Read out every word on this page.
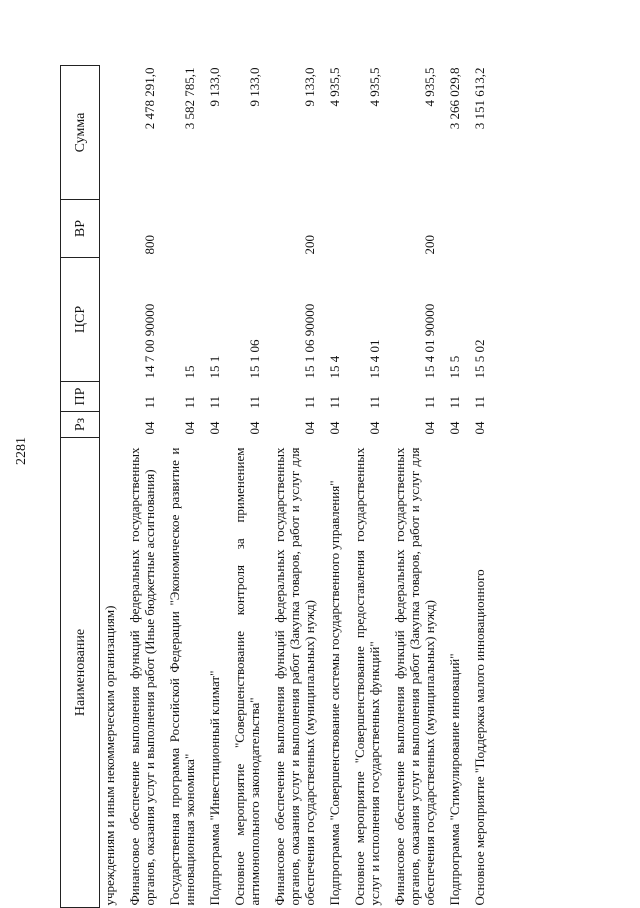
2281
Наименование	Рз	ПР	ЦСР	ВР	Сумма
учреждениям и иным некоммерческим организациям)					
Финансовое обеспечение выполнения функций федеральных государственных органов, оказания услуг и выполнения работ (Иные бюджетные ассигнования)	04	11	14 7 00 90000	800	2 478 291,0
Государственная программа Российской Федерации "Экономическое развитие и инновационная экономика"	04	11	15		3 582 785,1
Подпрограмма "Инвестиционный климат"	04	11	15 1		9 133,0
Основное мероприятие "Совершенствование контроля за применением антимонопольного законодательства"	04	11	15 1 06		9 133,0
Финансовое обеспечение выполнения функций федеральных государственных органов, оказания услуг и выполнения работ (Закупка товаров, работ и услуг для обеспечения государственных (муниципальных) нужд)	04	11	15 1 06 90000	200	9 133,0
Подпрограмма "Совершенствование системы государственного управления"	04	11	15 4		4 935,5
Основное мероприятие "Совершенствование предоставления государственных услуг и исполнения государственных функций"	04	11	15 4 01		4 935,5
Финансовое обеспечение выполнения функций федеральных государственных органов, оказания услуг и выполнения работ (Закупка товаров, работ и услуг для обеспечения государственных (муниципальных) нужд)	04	11	15 4 01 90000	200	4 935,5
Подпрограмма "Стимулирование инноваций"	04	11	15 5		3 266 029,8
Основное мероприятие "Поддержка малого инновационного	04	11	15 5 02		3 151 613,2
